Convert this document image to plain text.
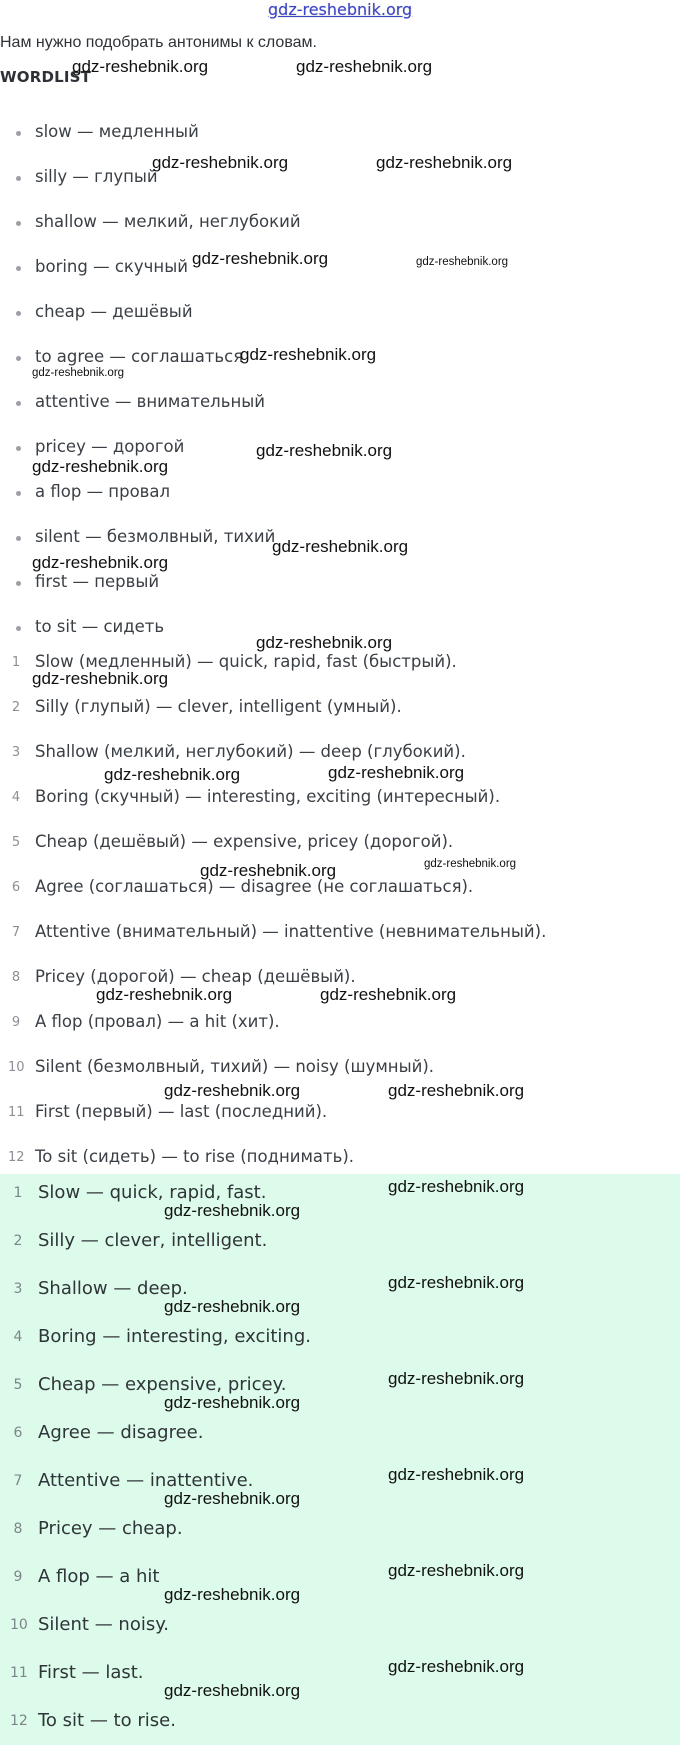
gdz-reshebnik.org
Нам нужно подобрать антонимы к словам.
WORDLIST
slow — медленный
silly — глупый
shallow — мелкий, неглубокий
boring — скучный
cheap — дешёвый
to agree — соглашаться
attentive — внимательный
pricey — дорогой
a flop — провал
silent — безмолвный, тихий
first — первый
to sit — сидеть
1 Slow (медленный) — quick, rapid, fast (быстрый).
2 Silly (глупый) — clever, intelligent (умный).
3 Shallow (мелкий, неглубокий) — deep (глубокий).
4 Boring (скучный) — interesting, exciting (интересный).
5 Cheap (дешёвый) — expensive, pricey (дорогой).
6 Agree (соглашаться) — disagree (не соглашаться).
7 Attentive (внимательный) — inattentive (невнимательный).
8 Pricey (дорогой) — cheap (дешёвый).
9 A flop (провал) — a hit (хит).
10 Silent (безмолвный, тихий) — noisy (шумный).
11 First (первый) — last (последний).
12 To sit (сидеть) — to rise (поднимать).
1 Slow — quick, rapid, fast.
2 Silly — clever, intelligent.
3 Shallow — deep.
4 Boring — interesting, exciting.
5 Cheap — expensive, pricey.
6 Agree — disagree.
7 Attentive — inattentive.
8 Pricey — cheap.
9 A flop — a hit
10 Silent — noisy.
11 First — last.
12 To sit — to rise.
gdz-reshebnik.org	gdz-reshebnik.org
gdz-reshebnik.org	gdz-reshebnik.org
gdz-reshebnik.org	gdz-reshebnik.org
gdz-reshebnik.org
gdz-reshebnik.org
gdz-reshebnik.org
gdz-reshebnik.org
gdz-reshebnik.org
gdz-reshebnik.org
gdz-reshebnik.org
gdz-reshebnik.org
gdz-reshebnik.org
gdz-reshebnik.org
gdz-reshebnik.org	gdz-reshebnik.org
gdz-reshebnik.org	gdz-reshebnik.org
gdz-reshebnik.org	gdz-reshebnik.org
gdz-reshebnik.org
gdz-reshebnik.org
gdz-reshebnik.org
gdz-reshebnik.org
gdz-reshebnik.org
gdz-reshebnik.org
gdz-reshebnik.org
gdz-reshebnik.org
gdz-reshebnik.org
gdz-reshebnik.org
gdz-reshebnik.org
gdz-reshebnik.org
